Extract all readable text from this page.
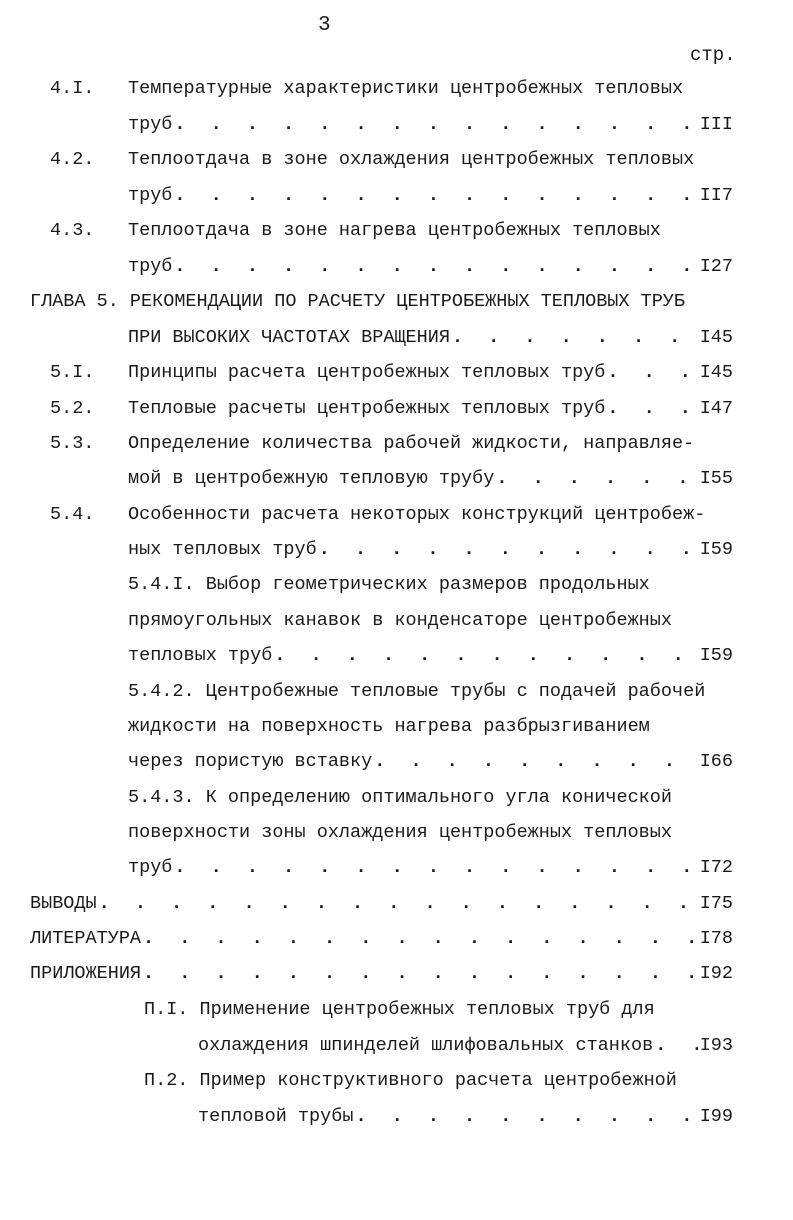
3
стр.
4.I. Температурные характеристики центробежных тепловых
труб . . .	III
4.2. Теплоотдача в зоне охлаждения центробежных тепловых
труб . . .	II7
4.3. Теплоотдача в зоне нагрева центробежных тепловых
труб . . .	I27
ГЛАВА 5. РЕКОМЕНДАЦИИ ПО РАСЧЕТУ ЦЕНТРОБЕЖНЫХ ТЕПЛОВЫХ ТРУБ
ПРИ ВЫСОКИХ ЧАСТОТАХ ВРАЩЕНИЯ . . .	I45
5.I. Принципы расчета центробежных тепловых труб . . .	I45
5.2. Тепловые расчеты центробежных тепловых труб . . .	I47
5.3. Определение количества рабочей жидкости, направляе-
мой в центробежную тепловую трубу . . .	I55
5.4. Особенности расчета некоторых конструкций центробеж-
ных тепловых труб . . .	I59
5.4.I. Выбор геометрических размеров продольных
прямоугольных канавок в конденсаторе центробежных
тепловых труб . . .	I59
5.4.2. Центробежные тепловые трубы с подачей рабочей
жидкости на поверхность нагрева разбрызгиванием
через пористую вставку . . .	I66
5.4.3. К определению оптимального угла конической
поверхности зоны охлаждения центробежных тепловых
труб . . .	I72
ВЫВОДЫ . . .	I75
ЛИТЕРАТУРА . . .	I78
ПРИЛОЖЕНИЯ . . .	I92
П.I. Применение центробежных тепловых труб для
охлаждения шпинделей шлифовальных станков . . .	I93
П.2. Пример конструктивного расчета центробежной
тепловой трубы . . .	I99
